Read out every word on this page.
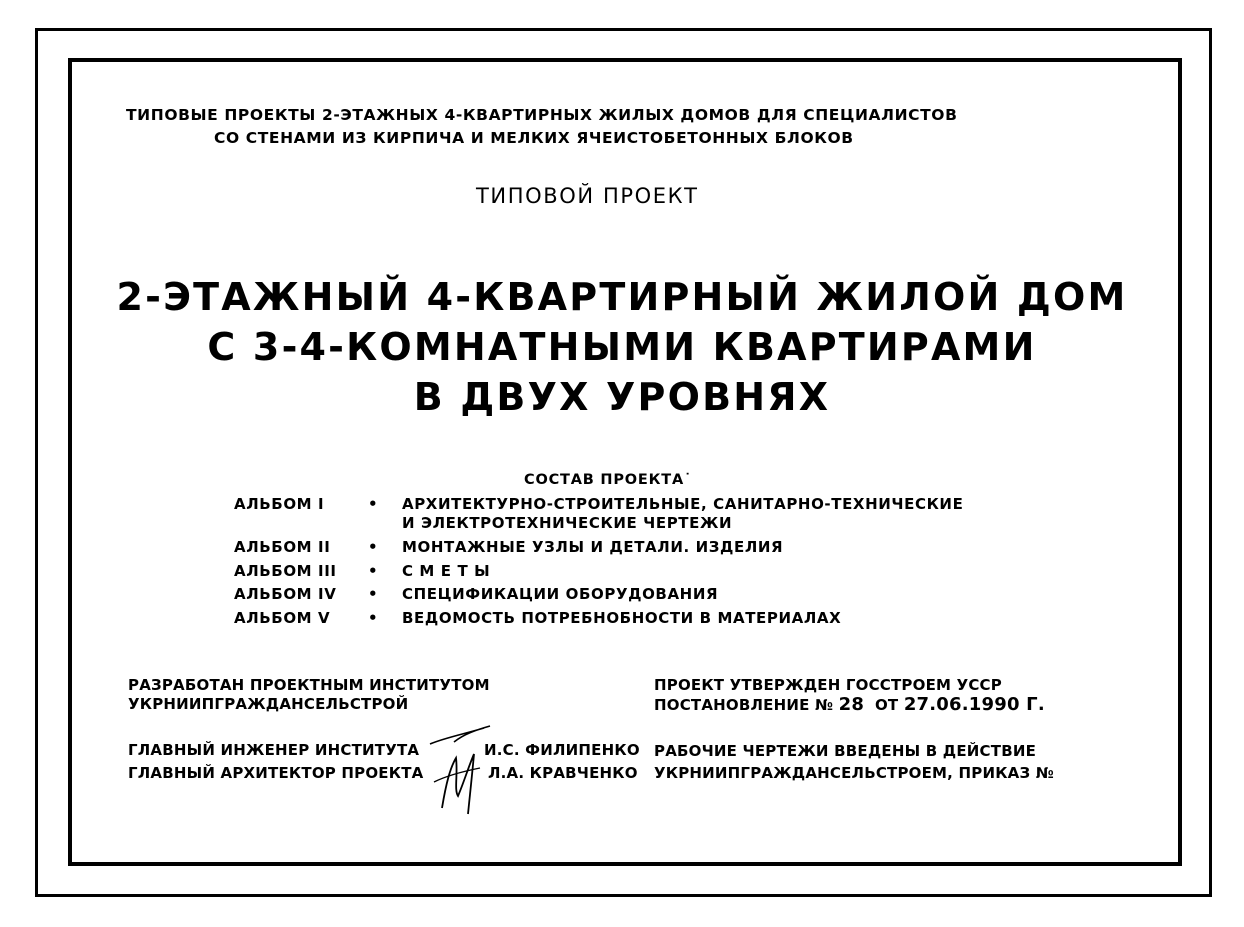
ТИПОВЫЕ ПРОЕКТЫ 2-ЭТАЖНЫХ 4-КВАРТИРНЫХ ЖИЛЫХ ДОМОВ ДЛЯ СПЕЦИАЛИСТОВ
СО СТЕНАМИ ИЗ КИРПИЧА И МЕЛКИХ ЯЧЕИСТОБЕТОННЫХ БЛОКОВ
ТИПОВОЙ ПРОЕКТ
2-ЭТАЖНЫЙ 4-КВАРТИРНЫЙ ЖИЛОЙ ДОМ
С 3-4-КОМНАТНЫМИ КВАРТИРАМИ
В ДВУХ УРОВНЯХ
СОСТАВ ПРОЕКТА˙
АЛЬБОМ I	• АРХИТЕКТУРНО-СТРОИТЕЛЬНЫЕ, САНИТАРНО-ТЕХНИЧЕСКИЕ
И ЭЛЕКТРОТЕХНИЧЕСКИЕ ЧЕРТЕЖИ
АЛЬБОМ II	• МОНТАЖНЫЕ УЗЛЫ И ДЕТАЛИ. ИЗДЕЛИЯ
АЛЬБОМ III • С М Е Т Ы
АЛЬБОМ IV • СПЕЦИФИКАЦИИ ОБОРУДОВАНИЯ
АЛЬБОМ V	• ВЕДОМОСТЬ ПОТРЕБНОБНОСТИ В МАТЕРИАЛАХ
РАЗРАБОТАН ПРОЕКТНЫМ ИНСТИТУТОМ
УКРНИИПГРАЖДАНСЕЛЬСТРОЙ
ПРОЕКТ УТВЕРЖДЕН ГОССТРОЕМ УССР
ПОСТАНОВЛЕНИЕ № 28 ОТ 27.06.1990 Г.
ГЛАВНЫЙ ИНЖЕНЕР ИНСТИТУТА	И.С. ФИЛИПЕНКО
ГЛАВНЫЙ АРХИТЕКТОР ПРОЕКТА	Л.А. КРАВЧЕНКО
РАБОЧИЕ ЧЕРТЕЖИ ВВЕДЕНЫ В ДЕЙСТВИЕ
УКРНИИПГРАЖДАНСЕЛЬСТРОЕМ, ПРИКАЗ №
